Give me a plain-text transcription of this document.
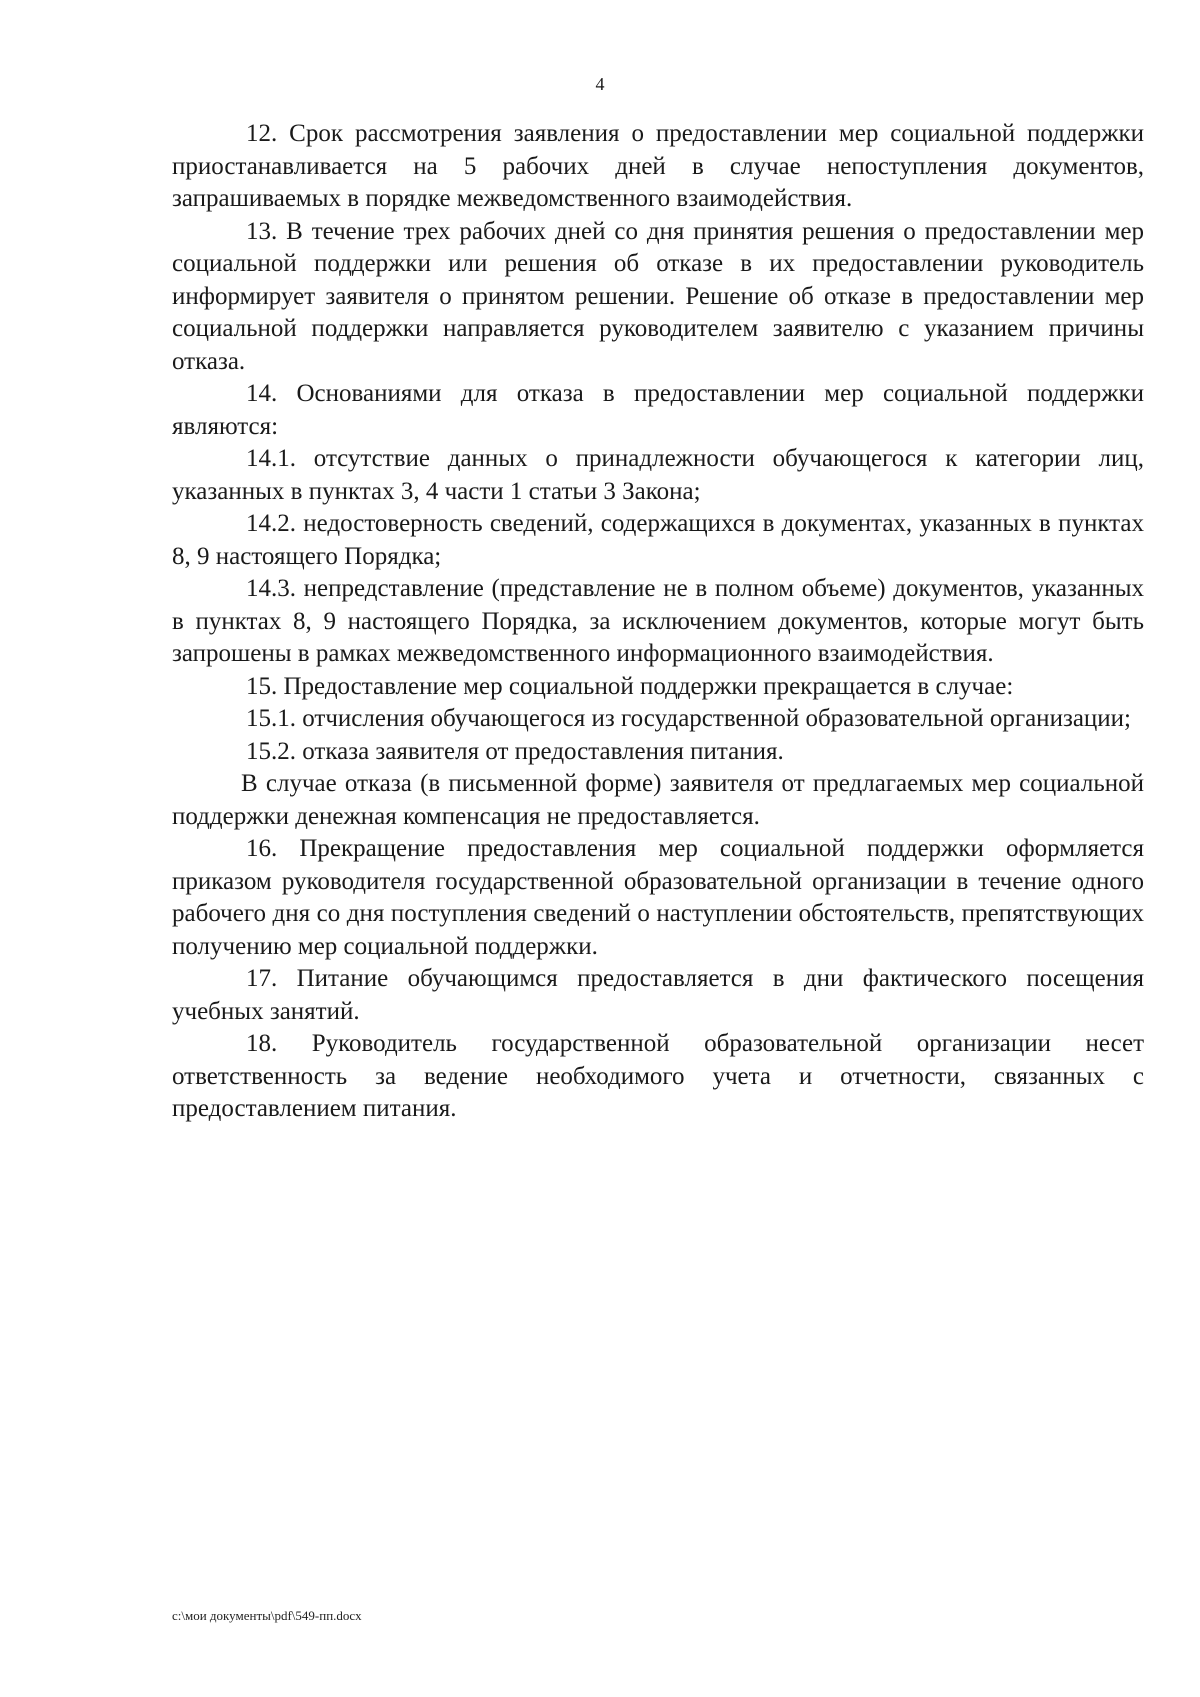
4

12. Срок рассмотрения заявления о предоставлении мер социальной поддержки приостанавливается на 5 рабочих дней в случае непоступления документов, запрашиваемых в порядке межведомственного взаимодействия.

13. В течение трех рабочих дней со дня принятия решения о предоставлении мер социальной поддержки или решения об отказе в их предоставлении руководитель информирует заявителя о принятом решении. Решение об отказе в предоставлении мер социальной поддержки направляется руководителем заявителю с указанием причины отказа.

14. Основаниями для отказа в предоставлении мер социальной поддержки являются:

14.1. отсутствие данных о принадлежности обучающегося к категории лиц, указанных в пунктах 3, 4 части 1 статьи 3 Закона;

14.2. недостоверность сведений, содержащихся в документах, указанных в пунктах 8, 9 настоящего Порядка;

14.3. непредставление (представление не в полном объеме) документов, указанных в пунктах 8, 9 настоящего Порядка, за исключением документов, которые могут быть запрошены в рамках межведомственного информационного взаимодействия.

15. Предоставление мер социальной поддержки прекращается в случае:

15.1. отчисления обучающегося из государственной образовательной организации;

15.2. отказа заявителя от предоставления питания.

В случае отказа (в письменной форме) заявителя от предлагаемых мер социальной поддержки денежная компенсация не предоставляется.

16. Прекращение предоставления мер социальной поддержки оформляется приказом руководителя государственной образовательной организации в течение одного рабочего дня со дня поступления сведений о наступлении обстоятельств, препятствующих получению мер социальной поддержки.

17. Питание обучающимся предоставляется в дни фактического посещения учебных занятий.

18. Руководитель государственной образовательной организации несет ответственность за ведение необходимого учета и отчетности, связанных с предоставлением питания.

c:\мои документы\pdf\549-пп.docx
